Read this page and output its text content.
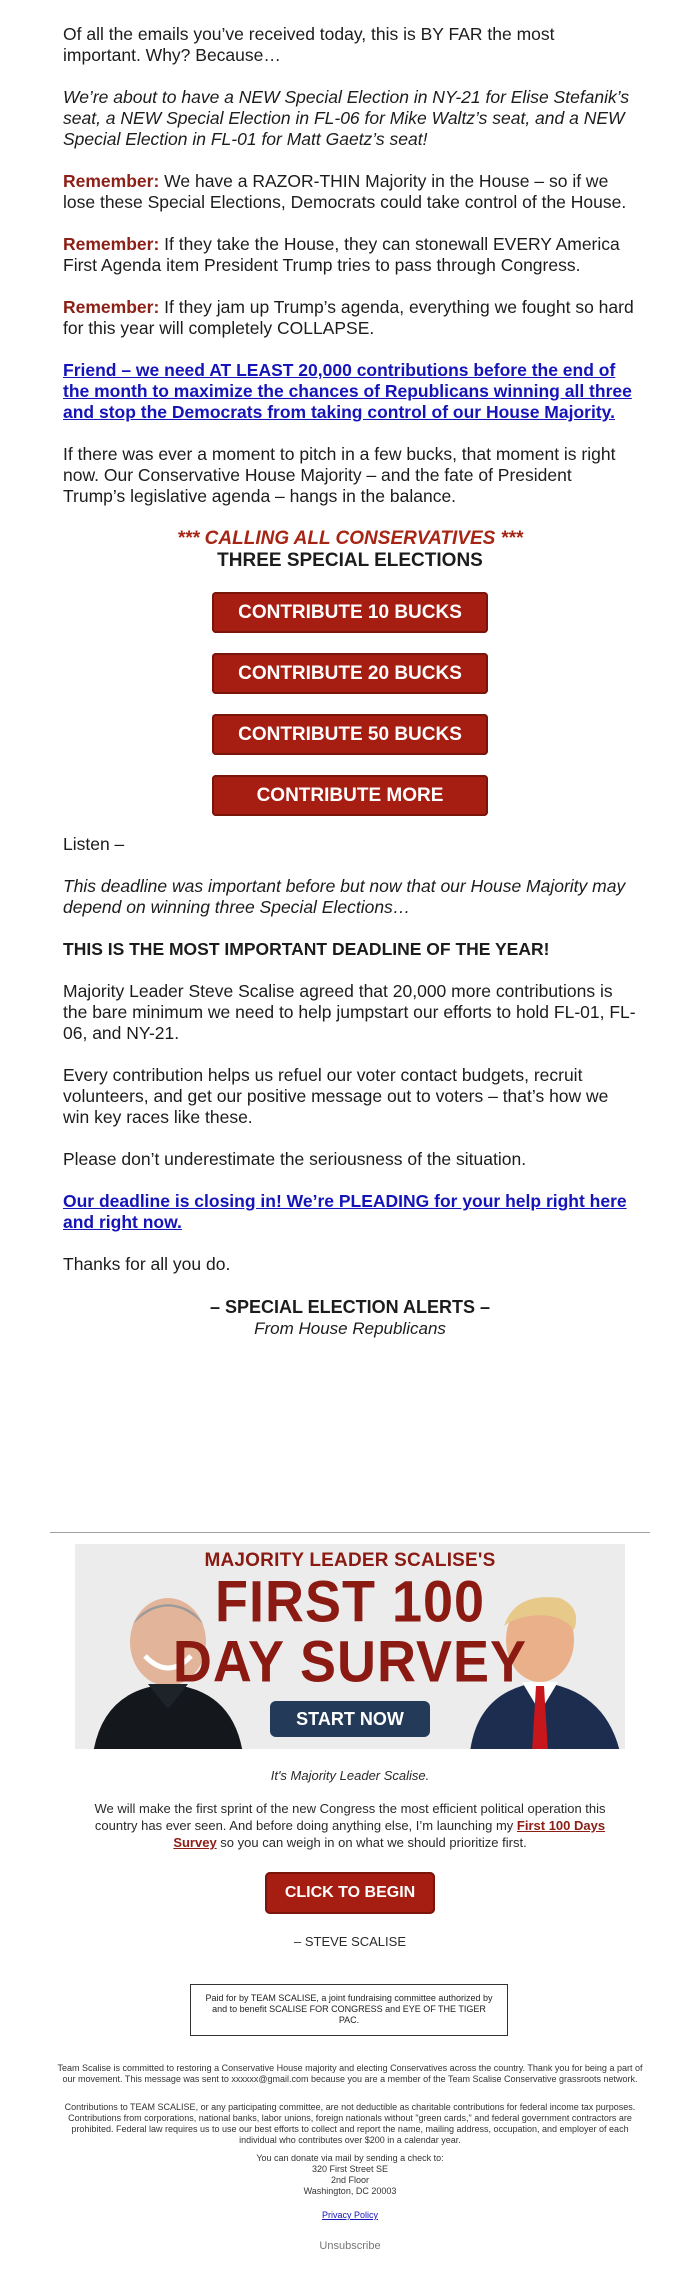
Of all the emails you’ve received today, this is BY FAR the most important. Why? Because…

We’re about to have a NEW Special Election in NY-21 for Elise Stefanik’s seat, a NEW Special Election in FL-06 for Mike Waltz’s seat, and a NEW Special Election in FL-01 for Matt Gaetz’s seat!

Remember: We have a RAZOR-THIN Majority in the House – so if we lose these Special Elections, Democrats could take control of the House.

Remember: If they take the House, they can stonewall EVERY America First Agenda item President Trump tries to pass through Congress.

Remember: If they jam up Trump’s agenda, everything we fought so hard for this year will completely COLLAPSE.

Friend – we need AT LEAST 20,000 contributions before the end of the month to maximize the chances of Republicans winning all three and stop the Democrats from taking control of our House Majority.

If there was ever a moment to pitch in a few bucks, that moment is right now. Our Conservative House Majority – and the fate of President Trump’s legislative agenda – hangs in the balance.

*** CALLING ALL CONSERVATIVES ***
THREE SPECIAL ELECTIONS
CONTRIBUTE 10 BUCKS
CONTRIBUTE 20 BUCKS
CONTRIBUTE 50 BUCKS
CONTRIBUTE MORE

Listen –

This deadline was important before but now that our House Majority may depend on winning three Special Elections…

THIS IS THE MOST IMPORTANT DEADLINE OF THE YEAR!

Majority Leader Steve Scalise agreed that 20,000 more contributions is the bare minimum we need to help jumpstart our efforts to hold FL-01, FL-06, and NY-21.

Every contribution helps us refuel our voter contact budgets, recruit volunteers, and get our positive message out to voters – that’s how we win key races like these.

Please don’t underestimate the seriousness of the situation.

Our deadline is closing in! We’re PLEADING for your help right here and right now.

Thanks for all you do.

– SPECIAL ELECTION ALERTS –
From House Republicans
MAJORITY LEADER SCALISE'S
FIRST 100
DAY SURVEY
START NOW
It's Majority Leader Scalise.
We will make the first sprint of the new Congress the most efficient political operation this country has ever seen. And before doing anything else, I’m launching my First 100 Days Survey so you can weigh in on what we should prioritize first.
CLICK TO BEGIN
– STEVE SCALISE
Paid for by TEAM SCALISE, a joint fundraising committee authorized by and to benefit SCALISE FOR CONGRESS and EYE OF THE TIGER PAC.
Team Scalise is committed to restoring a Conservative House majority and electing Conservatives across the country. Thank you for being a part of our movement. This message was sent to xxxxxx@gmail.com because you are a member of the Team Scalise Conservative grassroots network.
Contributions to TEAM SCALISE, or any participating committee, are not deductible as charitable contributions for federal income tax purposes. Contributions from corporations, national banks, labor unions, foreign nationals without "green cards," and federal government contractors are prohibited. Federal law requires us to use our best efforts to collect and report the name, mailing address, occupation, and employer of each individual who contributes over $200 in a calendar year.
You can donate via mail by sending a check to:
320 First Street SE
2nd Floor
Washington, DC 20003
Privacy Policy
Unsubscribe
